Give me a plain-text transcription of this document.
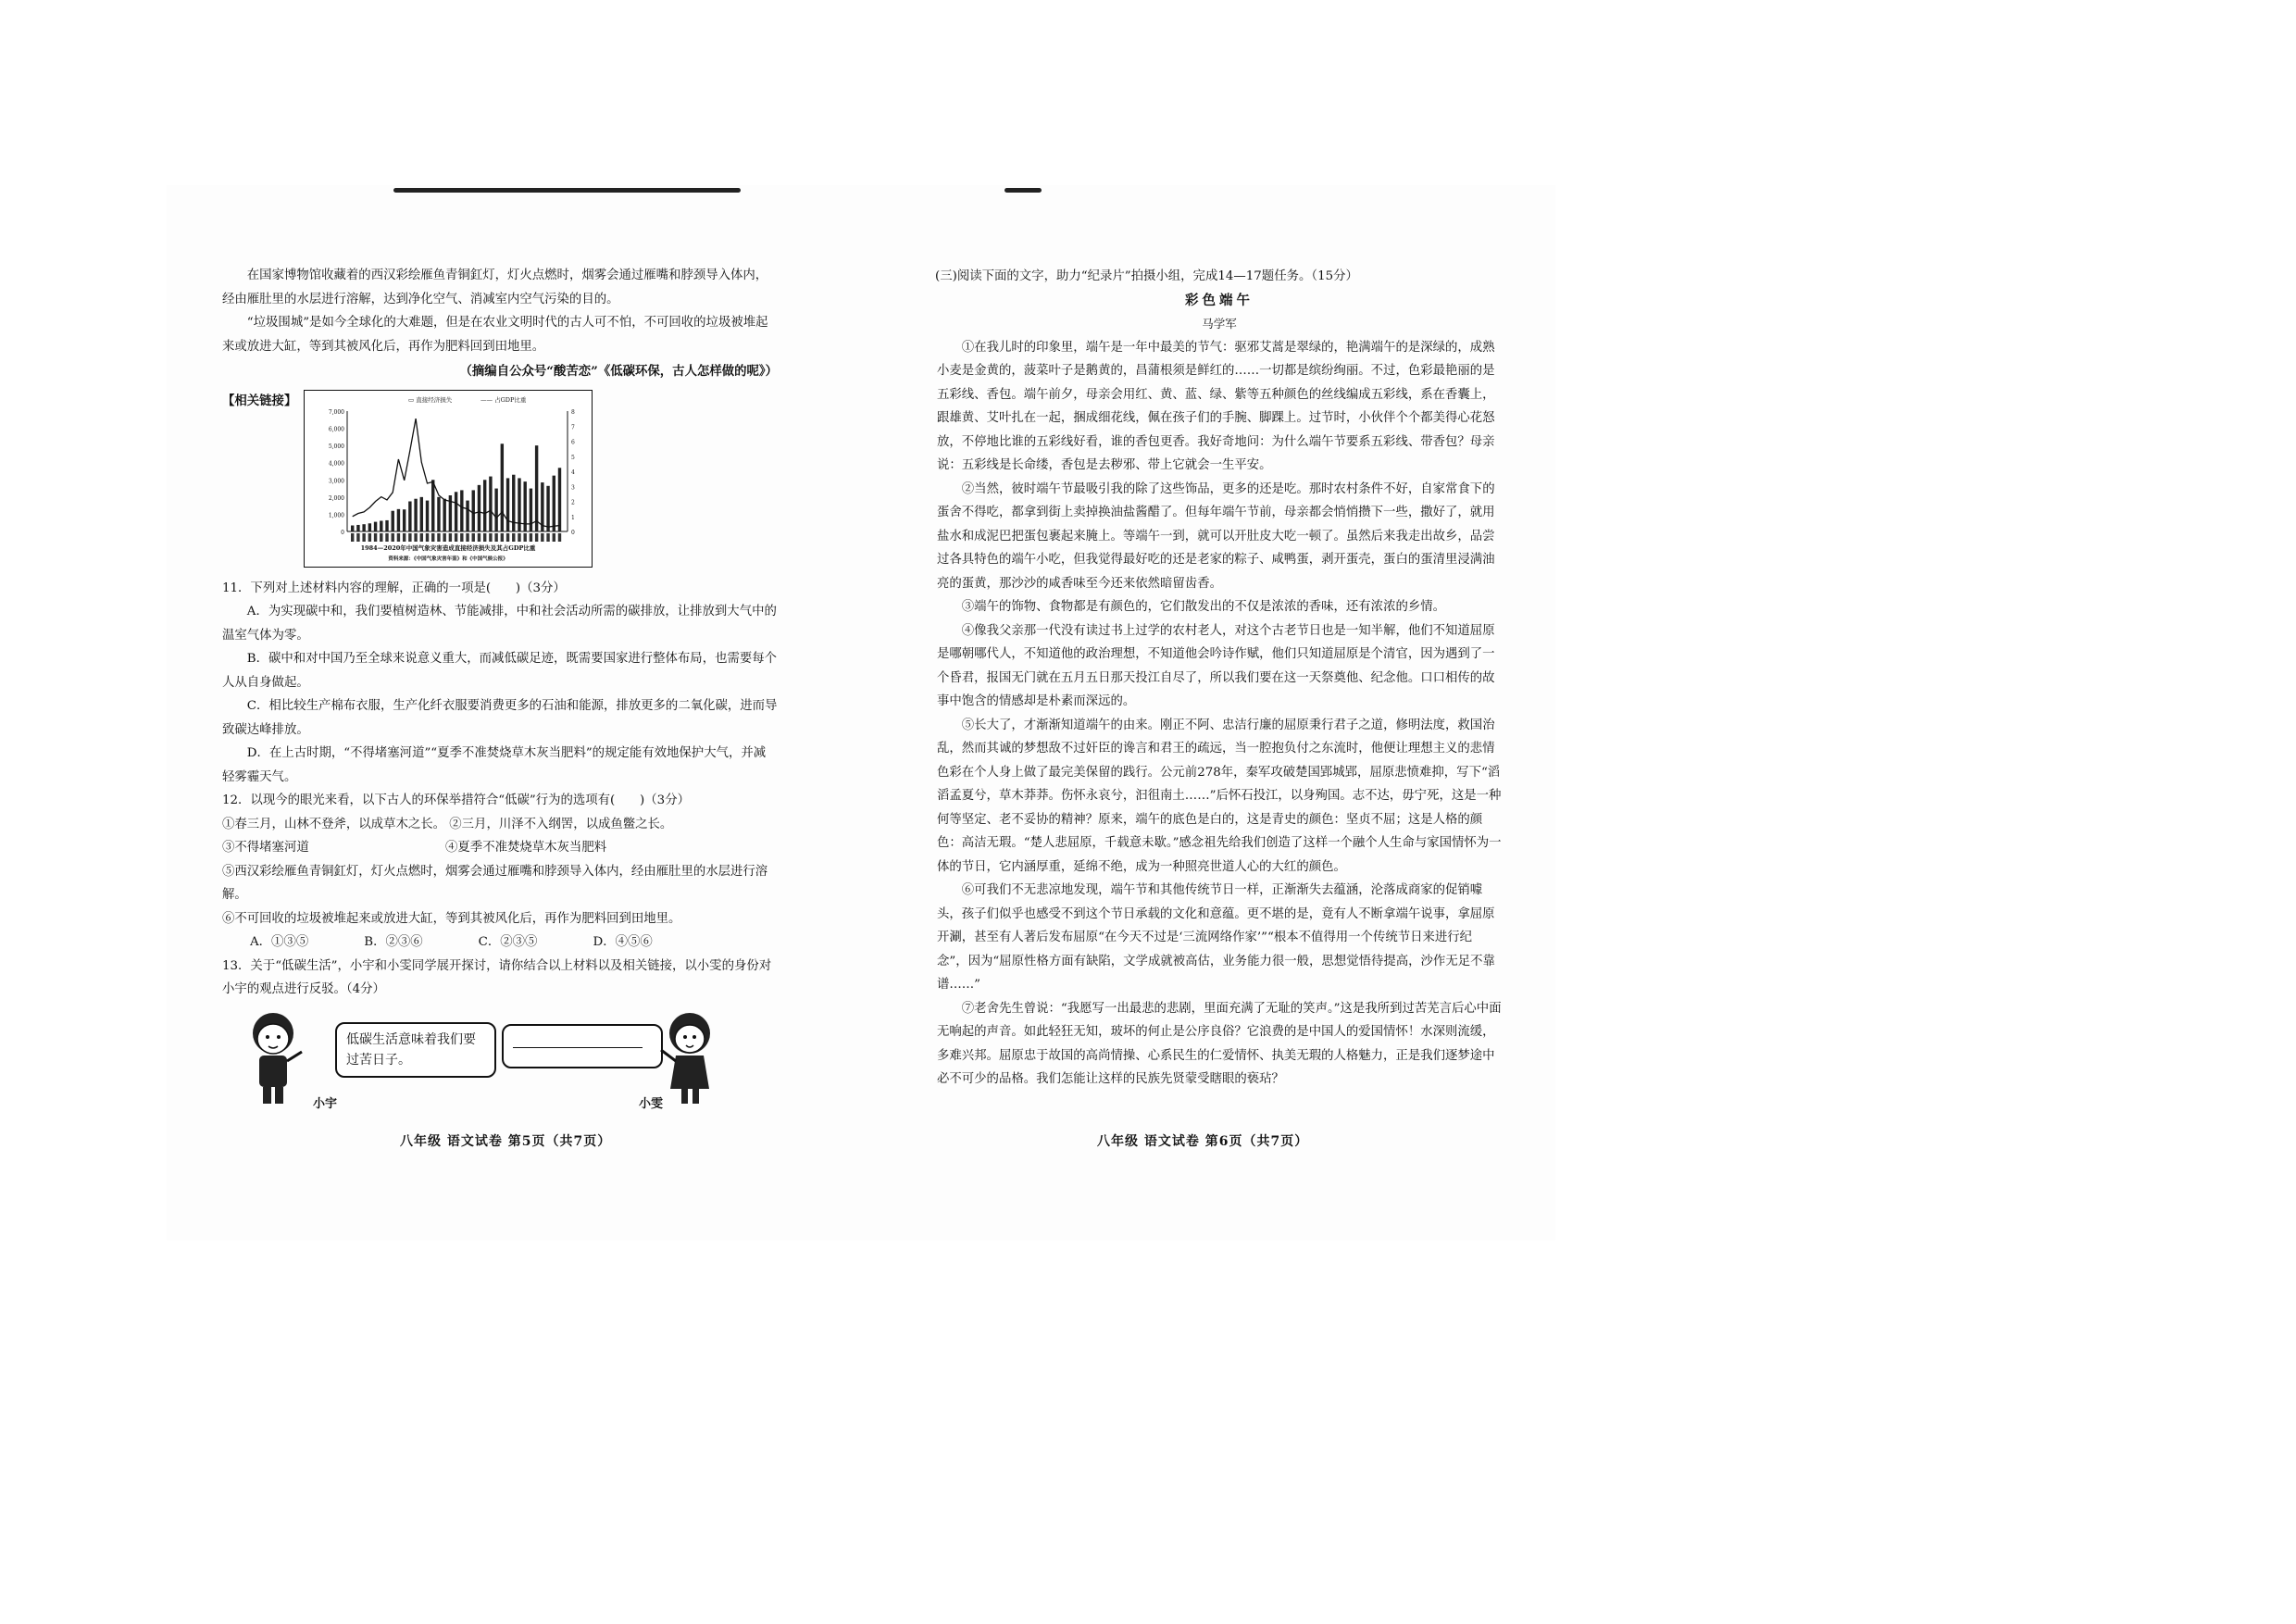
在国家博物馆收藏着的西汉彩绘雁鱼青铜釭灯，灯火点燃时，烟雾会通过雁嘴和脖颈导入体内，经由雁肚里的水层进行溶解，达到净化空气、消减室内空气污染的目的。

“垃圾围城”是如今全球化的大难题，但是在农业文明时代的古人可不怕，不可回收的垃圾被堆起来或放进大缸，等到其被风化后，再作为肥料回到田地里。

（摘编自公众号“酸苦恋”《低碳环保，古人怎样做的呢》）

【相关链接】
7,000
6,000
5,000
4,000
3,000
2,000
1,000
0
8
7
6
5
4
3
2
1
0
▭ 直接经济损失	—— 占GDP比重
1984—2020年中国气象灾害造成直接经济损失及其占GDP比重
资料来源：《中国气象灾害年鉴》和《中国气候公报》

11．下列对上述材料内容的理解，正确的一项是(　　)（3分）

A．为实现碳中和，我们要植树造林、节能减排，中和社会活动所需的碳排放，让排放到大气中的温室气体为零。

B．碳中和对中国乃至全球来说意义重大，而减低碳足迹，既需要国家进行整体布局，也需要每个人从自身做起。

C．相比较生产棉布衣服，生产化纤衣服要消费更多的石油和能源，排放更多的二氧化碳，进而导致碳达峰排放。

D．在上古时期，“不得堵塞河道”“夏季不准焚烧草木灰当肥料”的规定能有效地保护大气，并减轻雾霾天气。

12．以现今的眼光来看，以下古人的环保举措符合“低碳”行为的选项有(　　)（3分）

①春三月，山林不登斧，以成草木之长。 ②三月，川泽不入纲罟，以成鱼鳖之长。

③不得堵塞河道　　　　　　　　　　　④夏季不准焚烧草木灰当肥料

⑤西汉彩绘雁鱼青铜釭灯，灯火点燃时，烟雾会通过雁嘴和脖颈导入体内，经由雁肚里的水层进行溶解。

⑥不可回收的垃圾被堆起来或放进大缸，等到其被风化后，再作为肥料回到田地里。

A．①③⑤	B．②③⑥	C．②③⑤	D．④⑤⑥

13．关于“低碳生活”，小宇和小雯同学展开探讨，请你结合以上材料以及相关链接，以小雯的身份对小宇的观点进行反驳。（4分）

小宇
低碳生活意味着我们要过苦日子。
小雯
八年级 语文试卷 第5页（共7页）

(三)阅读下面的文字，助力“纪录片”拍摄小组，完成14—17题任务。（15分）

彩色端午

马学军

①在我儿时的印象里，端午是一年中最美的节气：驱邪艾蒿是翠绿的，艳满端午的是深绿的，成熟小麦是金黄的，菠菜叶子是鹅黄的，昌蒲根须是鲜红的……一切都是缤纷绚丽。不过，色彩最艳丽的是五彩线、香包。端午前夕，母亲会用红、黄、蓝、绿、紫等五种颜色的丝线编成五彩线，系在香囊上，跟雄黄、艾叶扎在一起，捆成细花线，佩在孩子们的手腕、脚踝上。过节时，小伙伴个个都美得心花怒放，不停地比谁的五彩线好看，谁的香包更香。我好奇地问：为什么端午节要系五彩线、带香包？母亲说：五彩线是长命缕，香包是去秽邪、带上它就会一生平安。

②当然，彼时端午节最吸引我的除了这些饰品，更多的还是吃。那时农村条件不好，自家常食下的蛋舍不得吃，都拿到街上卖掉换油盐酱醋了。但每年端午节前，母亲都会悄悄攒下一些，撒好了，就用盐水和成泥巴把蛋包裹起来腌上。等端午一到，就可以开肚皮大吃一顿了。虽然后来我走出故乡，品尝过各具特色的端午小吃，但我觉得最好吃的还是老家的粽子、咸鸭蛋，剥开蛋壳，蛋白的蛋清里浸满油亮的蛋黄，那沙沙的咸香味至今还来依然暗留齿香。

③端午的饰物、食物都是有颜色的，它们散发出的不仅是浓浓的香味，还有浓浓的乡情。

④像我父亲那一代没有读过书上过学的农村老人，对这个古老节日也是一知半解，他们不知道屈原是哪朝哪代人，不知道他的政治理想，不知道他会吟诗作赋，他们只知道屈原是个清官，因为遇到了一个昏君，报国无门就在五月五日那天投江自尽了，所以我们要在这一天祭奠他、纪念他。口口相传的故事中饱含的情感却是朴素而深远的。

⑤长大了，才渐渐知道端午的由来。刚正不阿、忠洁行廉的屈原秉行君子之道，修明法度，救国治乱，然而其诚的梦想敌不过奸臣的谗言和君王的疏远，当一腔抱负付之东流时，他便让理想主义的悲情色彩在个人身上做了最完美保留的践行。公元前278年，秦军攻破楚国郢城郢，屈原悲愤难抑，写下“滔滔孟夏兮，草木莽莽。伤怀永哀兮，汩徂南土……”后怀石投江，以身殉国。志不达，毋宁死，这是一种何等坚定、老不妥协的精神？原来，端午的底色是白的，这是青史的颜色：坚贞不屈；这是人格的颜色：高洁无瑕。“楚人悲屈原，千载意未歇。”感念祖先给我们创造了这样一个融个人生命与家国情怀为一体的节日，它内涵厚重，延绵不绝，成为一种照亮世道人心的大红的颜色。

⑥可我们不无悲凉地发现，端午节和其他传统节日一样，正渐渐失去蕴涵，沦落成商家的促销噱头，孩子们似乎也感受不到这个节日承载的文化和意蕴。更不堪的是，竟有人不断拿端午说事，拿屈原开涮，甚至有人著后发布屈原“在今天不过是‘三流网络作家’”“根本不值得用一个传统节日来进行纪念”，因为“屈原性格方面有缺陷，文学成就被高估，业务能力很一般，思想觉悟待提高，沙作无足不靠谱……”

⑦老舍先生曾说：“我愿写一出最悲的悲剧，里面充满了无耻的笑声。”这是我所到过苦芜言后心中面无响起的声音。如此轻狂无知，玻坏的何止是公序良俗？它浪费的是中国人的爱国情怀！水深则流缓，多难兴邦。屈原忠于故国的高尚情操、心系民生的仁爱情怀、执美无瑕的人格魅力，正是我们逐梦途中必不可少的品格。我们怎能让这样的民族先贤蒙受瞎眼的亵玷？

八年级 语文试卷 第6页（共7页）
